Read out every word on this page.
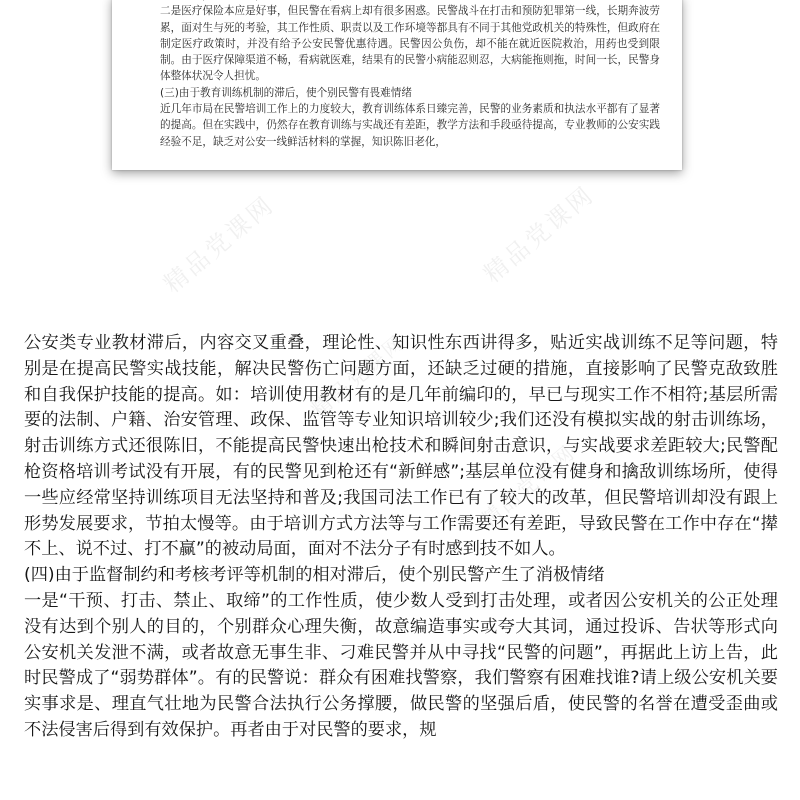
二是医疗保险本应是好事，但民警在看病上却有很多困惑。民警战斗在打击和预防犯罪第一线，长期奔波劳累，面对生与死的考验，其工作性质、职责以及工作环境等都具有不同于其他党政机关的特殊性，但政府在制定医疗政策时，并没有给予公安民警优惠待遇。民警因公负伤，却不能在就近医院救治，用药也受到限制。由于医疗保障渠道不畅，看病就医难，结果有的民警小病能忍则忍，大病能拖则拖，时间一长，民警身体整体状况令人担忧。

(三)由于教育训练机制的滞后，使个别民警有畏难情绪

近几年市局在民警培训工作上的力度较大，教育训练体系日臻完善，民警的业务素质和执法水平都有了显著的提高。但在实践中，仍然存在教育训练与实战还有差距，教学方法和手段亟待提高，专业教师的公安实践经验不足，缺乏对公安一线鲜活材料的掌握，知识陈旧老化，

精品党课网	精品党课网
精品党课网
精品党课网

公安类专业教材滞后，内容交叉重叠，理论性、知识性东西讲得多，贴近实战训练不足等问题，特别是在提高民警实战技能，解决民警伤亡问题方面，还缺乏过硬的措施，直接影响了民警克敌致胜和自我保护技能的提高。如：培训使用教材有的是几年前编印的，早已与现实工作不相符;基层所需要的法制、户籍、治安管理、政保、监管等专业知识培训较少;我们还没有模拟实战的射击训练场，射击训练方式还很陈旧，不能提高民警快速出枪技术和瞬间射击意识，与实战要求差距较大;民警配枪资格培训考试没有开展，有的民警见到枪还有“新鲜感”;基层单位没有健身和擒敌训练场所，使得一些应经常坚持训练项目无法坚持和普及;我国司法工作已有了较大的改革，但民警培训却没有跟上形势发展要求，节拍太慢等。由于培训方式方法等与工作需要还有差距，导致民警在工作中存在“撵不上、说不过、打不赢”的被动局面，面对不法分子有时感到技不如人。

(四)由于监督制约和考核考评等机制的相对滞后，使个别民警产生了消极情绪

一是“干预、打击、禁止、取缔”的工作性质，使少数人受到打击处理，或者因公安机关的公正处理没有达到个别人的目的，个别群众心理失衡，故意编造事实或夸大其词，通过投诉、告状等形式向公安机关发泄不满，或者故意无事生非、刁难民警并从中寻找“民警的问题”，再据此上访上告，此时民警成了“弱势群体”。有的民警说：群众有困难找警察，我们警察有困难找谁?请上级公安机关要实事求是、理直气壮地为民警合法执行公务撑腰，做民警的坚强后盾，使民警的名誉在遭受歪曲或不法侵害后得到有效保护。再者由于对民警的要求，规
